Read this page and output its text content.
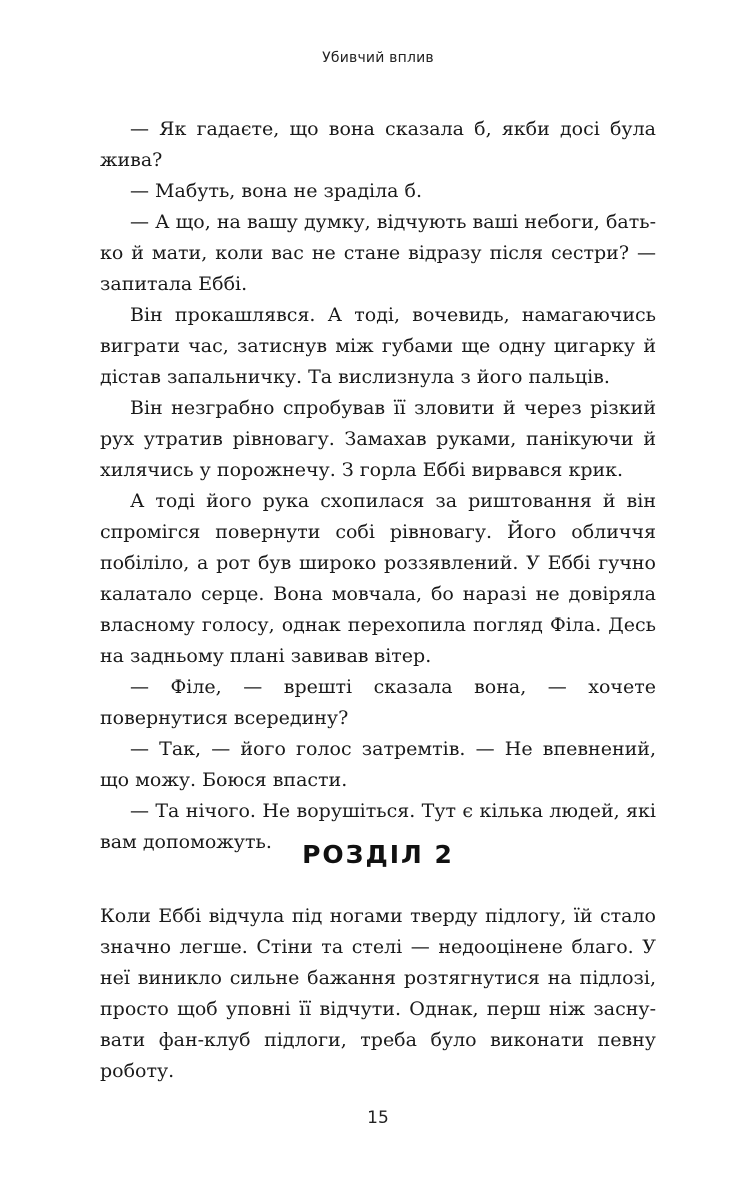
Убивчий вплив

— Як гадаєте, що вона сказала б, якби досі була жива?

— Мабуть, вона не зраділа б.

— А що, на вашу думку, відчують ваші небоги, батько й мати, коли вас не стане відразу після сестри? — запитала Еббі.

Він прокашлявся. А тоді, вочевидь, намагаючись виграти час, затиснув між губами ще одну цигарку й дістав запальничку. Та вислизнула з його пальців.

Він незграбно спробував її зловити й через різкий рух утратив рівновагу. Замахав руками, панікуючи й хилячись у порожнечу. З горла Еббі вирвався крик.

А тоді його рука схопилася за риштовання й він спромігся повернути собі рівновагу. Його обличчя побіліло, а рот був широко роззявлений. У Еббі гучно калатало серце. Вона мовчала, бо наразі не довіряла власному голосу, однак перехопила погляд Філа. Десь на задньому плані завивав вітер.

— Філе, — врешті сказала вона, — хочете повернутися всередину?

— Так, — його голос затремтів. — Не впевнений, що можу. Боюся впасти.

— Та нічого. Не ворушіться. Тут є кілька людей, які вам допоможуть.	РОЗДІЛ 2

Коли Еббі відчула під ногами тверду підлогу, їй стало значно легше. Стіни та стелі — недооцінене благо. У неї виникло сильне бажання розтягнутися на підлозі, просто щоб уповні її відчути. Однак, перш ніж заснувати фан-клуб підлоги, треба було виконати певну роботу.

15
